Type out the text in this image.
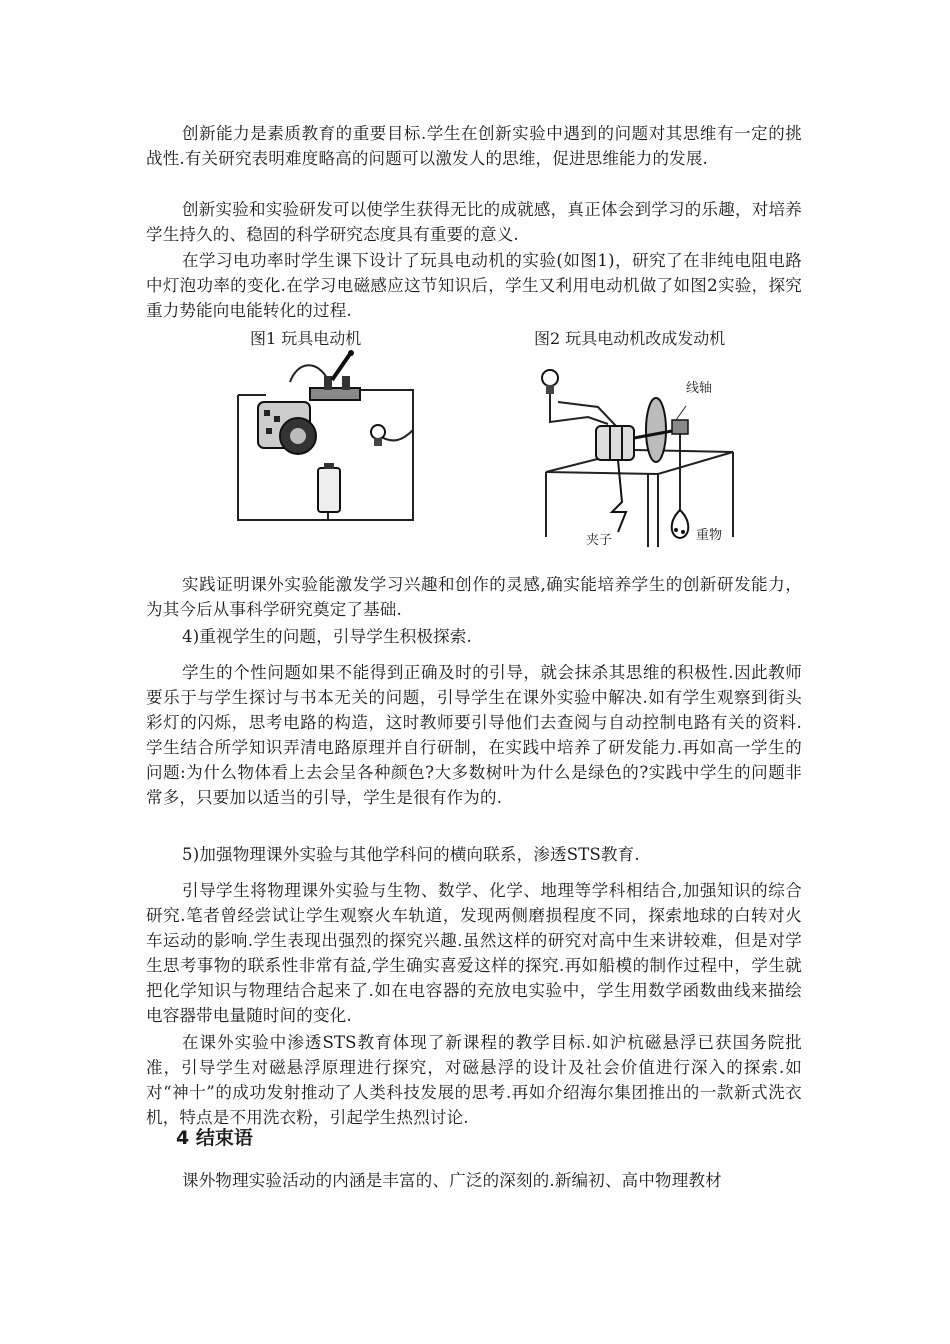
创新能力是素质教育的重要目标.学生在创新实验中遇到的问题对其思维有一定的挑战性.有关研究表明难度略高的问题可以激发人的思维，促进思维能力的发展.

创新实验和实验研发可以使学生获得无比的成就感，真正体会到学习的乐趣，对培养学生持久的、稳固的科学研究态度具有重要的意义.

在学习电功率时学生课下设计了玩具电动机的实验(如图1)，研究了在非纯电阻电路中灯泡功率的变化.在学习电磁感应这节知识后，学生又利用电动机做了如图2实验，探究重力势能向电能转化的过程.

图1 玩具电动机	图2 玩具电动机改成发动机
线轴
重物
夹子

实践证明课外实验能激发学习兴趣和创作的灵感,确实能培养学生的创新研发能力，为其今后从事科学研究奠定了基础.

4)重视学生的问题，引导学生积极探索.

学生的个性问题如果不能得到正确及时的引导，就会抹杀其思维的积极性.因此教师要乐于与学生探讨与书本无关的问题，引导学生在课外实验中解决.如有学生观察到街头彩灯的闪烁，思考电路的构造，这时教师要引导他们去查阅与自动控制电路有关的资料.学生结合所学知识弄清电路原理并自行研制，在实践中培养了研发能力.再如高一学生的问题:为什么物体看上去会呈各种颜色?大多数树叶为什么是绿色的?实践中学生的问题非常多，只要加以适当的引导，学生是很有作为的.

5)加强物理课外实验与其他学科问的横向联系，渗透STS教育.

引导学生将物理课外实验与生物、数学、化学、地理等学科相结合,加强知识的综合研究.笔者曾经尝试让学生观察火车轨道，发现两侧磨损程度不同，探索地球的白转对火车运动的影响.学生表现出强烈的探究兴趣.虽然这样的研究对高中生来讲较难，但是对学生思考事物的联系性非常有益,学生确实喜爱这样的探究.再如船模的制作过程中，学生就把化学知识与物理结合起来了.如在电容器的充放电实验中，学生用数学函数曲线来描绘电容器带电量随时间的变化.

在课外实验中渗透STS教育体现了新课程的教学目标.如沪杭磁悬浮已获国务院批准，引导学生对磁悬浮原理进行探究，对磁悬浮的设计及社会价值进行深入的探索.如对“神十”的成功发射推动了人类科技发展的思考.再如介绍海尔集团推出的一款新式洗衣机，特点是不用洗衣粉，引起学生热烈讨论.

4 结束语

课外物理实验活动的内涵是丰富的、广泛的深刻的.新编初、高中物理教材
